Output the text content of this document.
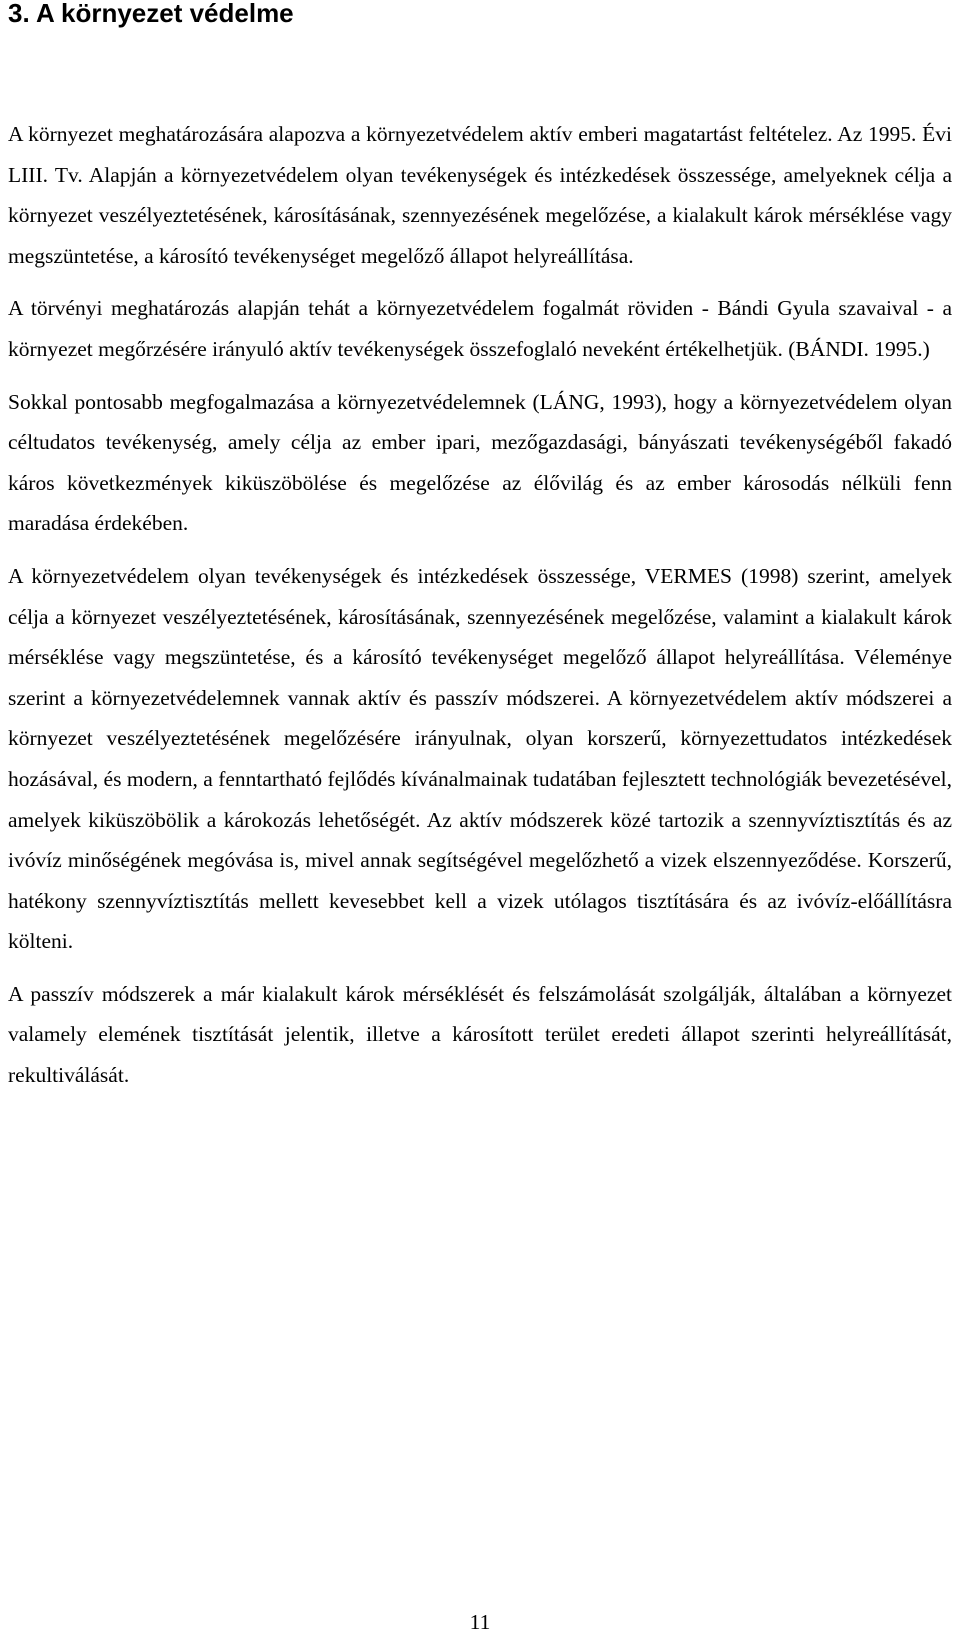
3. A környezet védelme

A környezet meghatározására alapozva a környezetvédelem aktív emberi magatartást feltételez. Az 1995. Évi LIII. Tv. Alapján a környezetvédelem olyan tevékenységek és intézkedések összessége, amelyeknek célja a környezet veszélyeztetésének, károsításának, szennyezésének megelőzése, a kialakult károk mérséklése vagy megszüntetése, a károsító tevékenységet megelőző állapot helyreállítása.

A törvényi meghatározás alapján tehát a környezetvédelem fogalmát röviden - Bándi Gyula szavaival - a környezet megőrzésére irányuló aktív tevékenységek összefoglaló neveként értékelhetjük. (BÁNDI. 1995.)

Sokkal pontosabb megfogalmazása a környezetvédelemnek (LÁNG, 1993), hogy a környezetvédelem olyan céltudatos tevékenység, amely célja az ember ipari, mezőgazdasági, bányászati tevékenységéből fakadó káros következmények kiküszöbölése és megelőzése az élővilág és az ember károsodás nélküli fenn maradása érdekében.

A környezetvédelem olyan tevékenységek és intézkedések összessége, VERMES (1998) szerint, amelyek célja a környezet veszélyeztetésének, károsításának, szennyezésének megelőzése, valamint a kialakult károk mérséklése vagy megszüntetése, és a károsító tevékenységet megelőző állapot helyreállítása. Véleménye szerint a környezetvédelemnek vannak aktív és passzív módszerei. A környezetvédelem aktív módszerei a környezet veszélyeztetésének megelőzésére irányulnak, olyan korszerű, környezettudatos intézkedések hozásával, és modern, a fenntartható fejlődés kívánalmainak tudatában fejlesztett technológiák bevezetésével, amelyek kiküszöbölik a károkozás lehetőségét. Az aktív módszerek közé tartozik a szennyvíztisztítás és az ivóvíz minőségének megóvása is, mivel annak segítségével megelőzhető a vizek elszennyeződése. Korszerű, hatékony szennyvíztisztítás mellett kevesebbet kell a vizek utólagos tisztítására és az ivóvíz-előállításra költeni.

A passzív módszerek a már kialakult károk mérséklését és felszámolását szolgálják, általában a környezet valamely elemének tisztítását jelentik, illetve a károsított terület eredeti állapot szerinti helyreállítását, rekultiválását.

11
